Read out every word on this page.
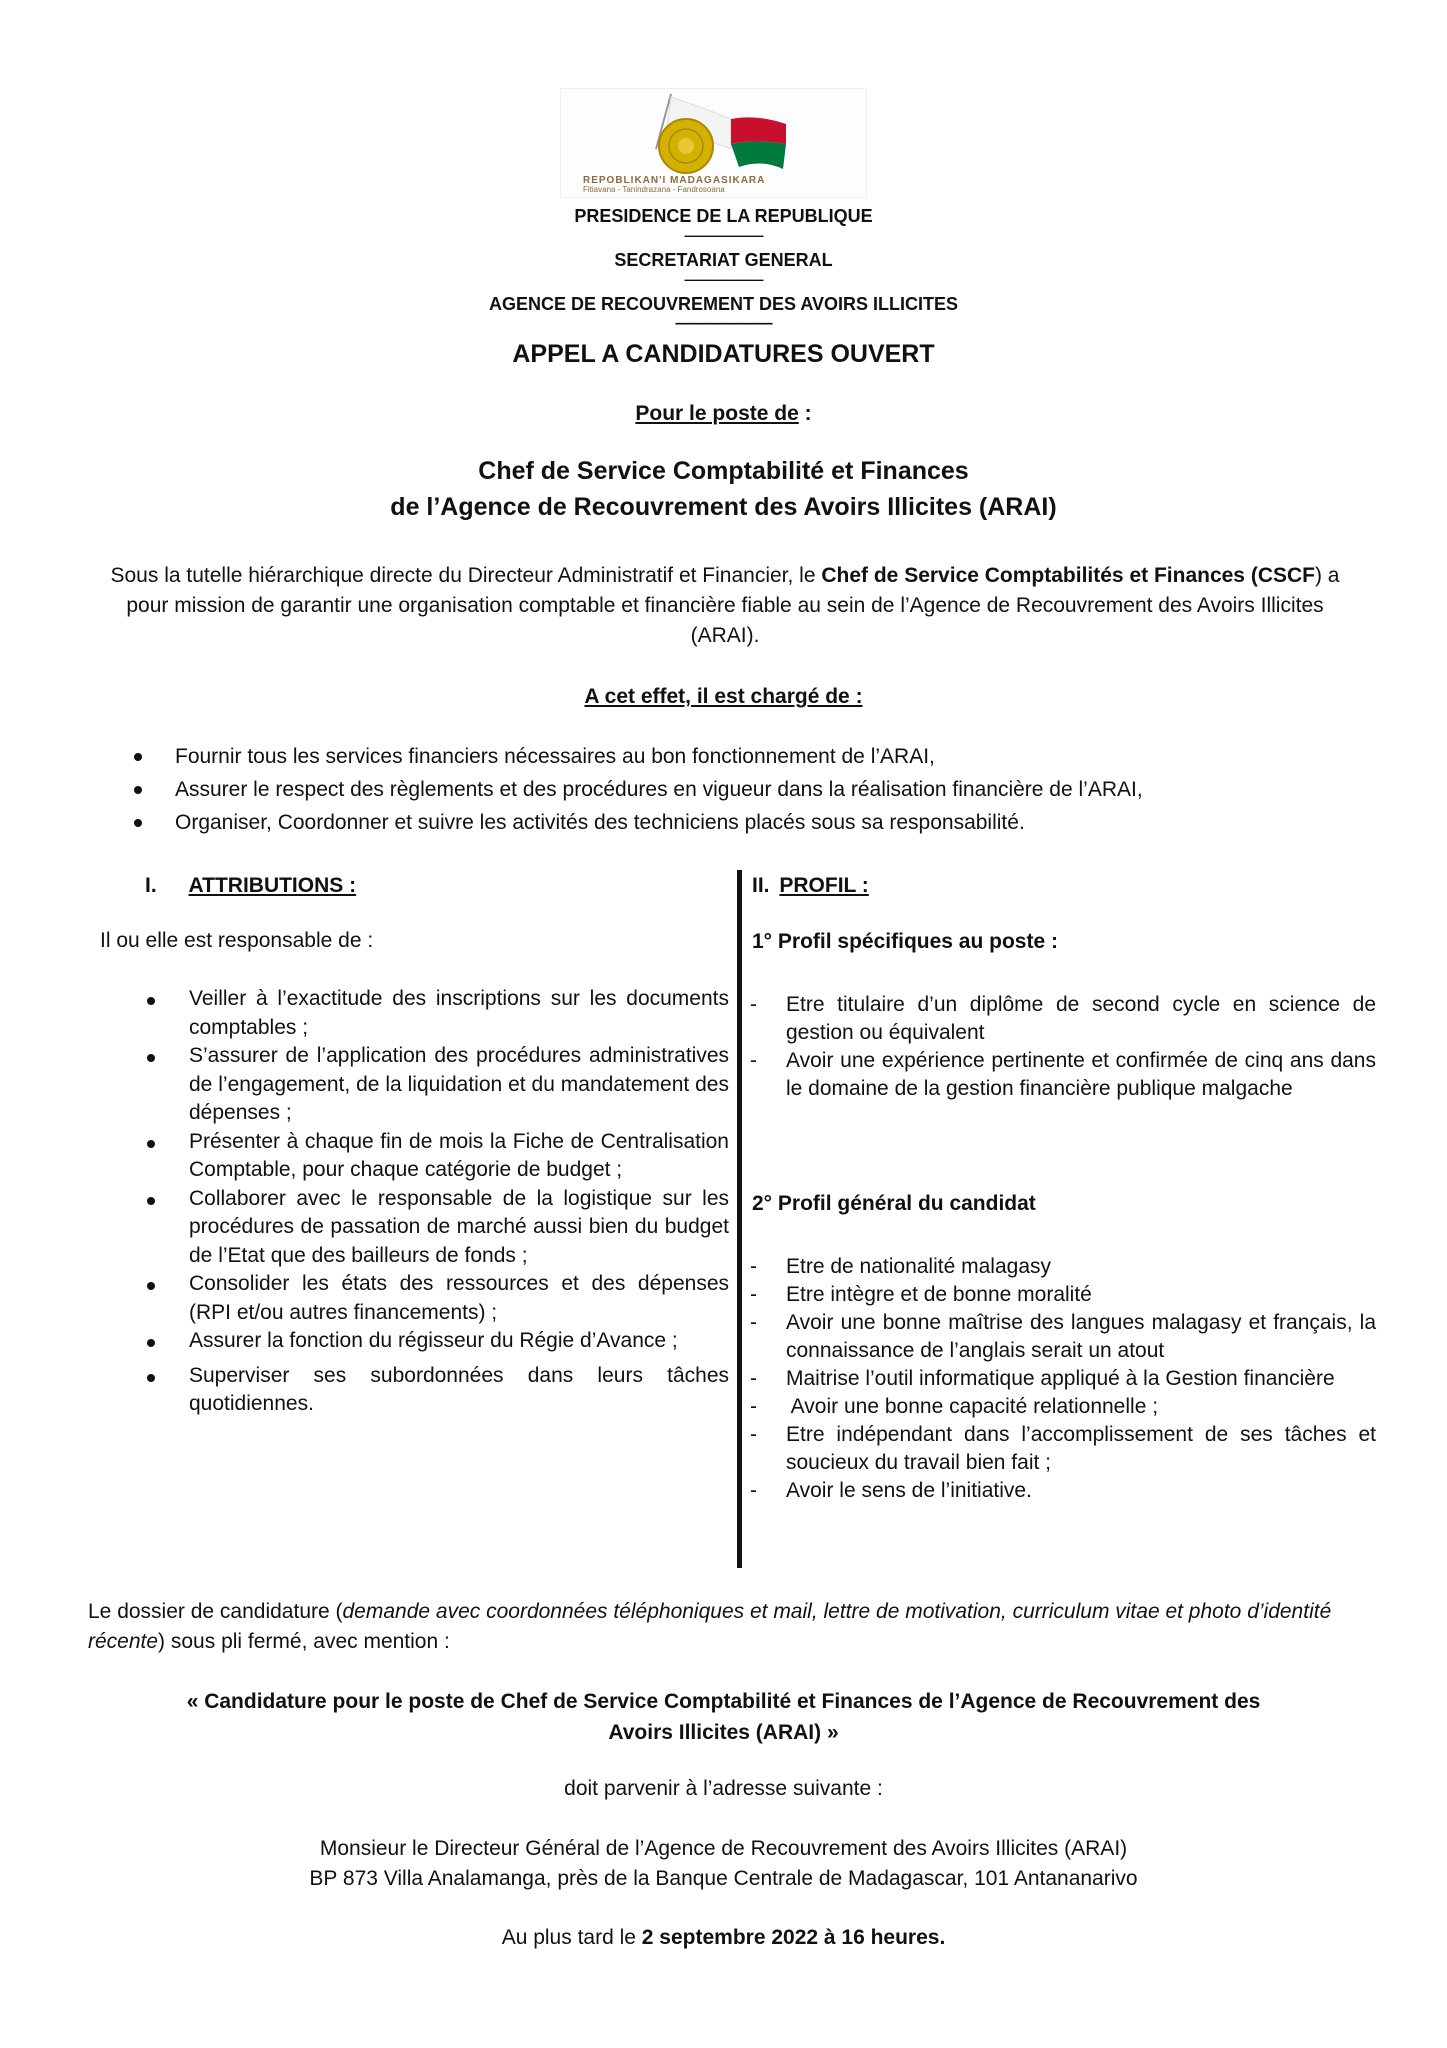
REPOBLIKAN'I MADAGASIKARA
Fitiavana - Tanindrazana - Fandrosoana
PRESIDENCE DE LA REPUBLIQUE
——————
SECRETARIAT GENERAL
——————
AGENCE DE RECOUVREMENT DES AVOIRS ILLICITES
——————
APPEL A CANDIDATURES OUVERT
Pour le poste de :
Chef de Service Comptabilité et Finances
de l’Agence de Recouvrement des Avoirs Illicites (ARAI)
Sous la tutelle hiérarchique directe du Directeur Administratif et Financier, le Chef de Service Comptabilités et Finances (CSCF) a pour mission de garantir une organisation comptable et financière fiable au sein de l’Agence de Recouvrement des Avoirs Illicites (ARAI).
A cet effet, il est chargé de :
Fournir tous les services financiers nécessaires au bon fonctionnement de l’ARAI,
Assurer le respect des règlements et des procédures en vigueur dans la réalisation financière de l’ARAI,
Organiser, Coordonner et suivre les activités des techniciens placés sous sa responsabilité.
I. ATTRIBUTIONS :
Il ou elle est responsable de :
Veiller à l’exactitude des inscriptions sur les documents comptables ;
S’assurer de l’application des procédures administratives de l’engagement, de la liquidation et du mandatement des dépenses ;
Présenter à chaque fin de mois la Fiche de Centralisation Comptable, pour chaque catégorie de budget ;
Collaborer avec le responsable de la logistique sur les procédures de passation de marché aussi bien du budget de l’Etat que des bailleurs de fonds ;
Consolider les états des ressources et des dépenses (RPI et/ou autres financements) ;
Assurer la fonction du régisseur du Régie d’Avance ;
Superviser ses subordonnées dans leurs tâches quotidiennes.
II. PROFIL :
1° Profil spécifiques au poste :
- Etre titulaire d’un diplôme de second cycle en science de gestion ou équivalent
- Avoir une expérience pertinente et confirmée de cinq ans dans le domaine de la gestion financière publique malgache
2° Profil général du candidat
- Etre de nationalité malagasy
- Etre intègre et de bonne moralité
- Avoir une bonne maîtrise des langues malagasy et français, la connaissance de l’anglais serait un atout
- Maitrise l’outil informatique appliqué à la Gestion financière
- Avoir une bonne capacité relationnelle ;
- Etre indépendant dans l’accomplissement de ses tâches et soucieux du travail bien fait ;
- Avoir le sens de l’initiative.
Le dossier de candidature (demande avec coordonnées téléphoniques et mail, lettre de motivation, curriculum vitae et photo d’identité récente) sous pli fermé, avec mention :
« Candidature pour le poste de Chef de Service Comptabilité et Finances de l’Agence de Recouvrement des
Avoirs Illicites (ARAI) »
doit parvenir à l’adresse suivante :
Monsieur le Directeur Général de l’Agence de Recouvrement des Avoirs Illicites (ARAI)
BP 873 Villa Analamanga, près de la Banque Centrale de Madagascar, 101 Antananarivo
Au plus tard le 2 septembre 2022 à 16 heures.
